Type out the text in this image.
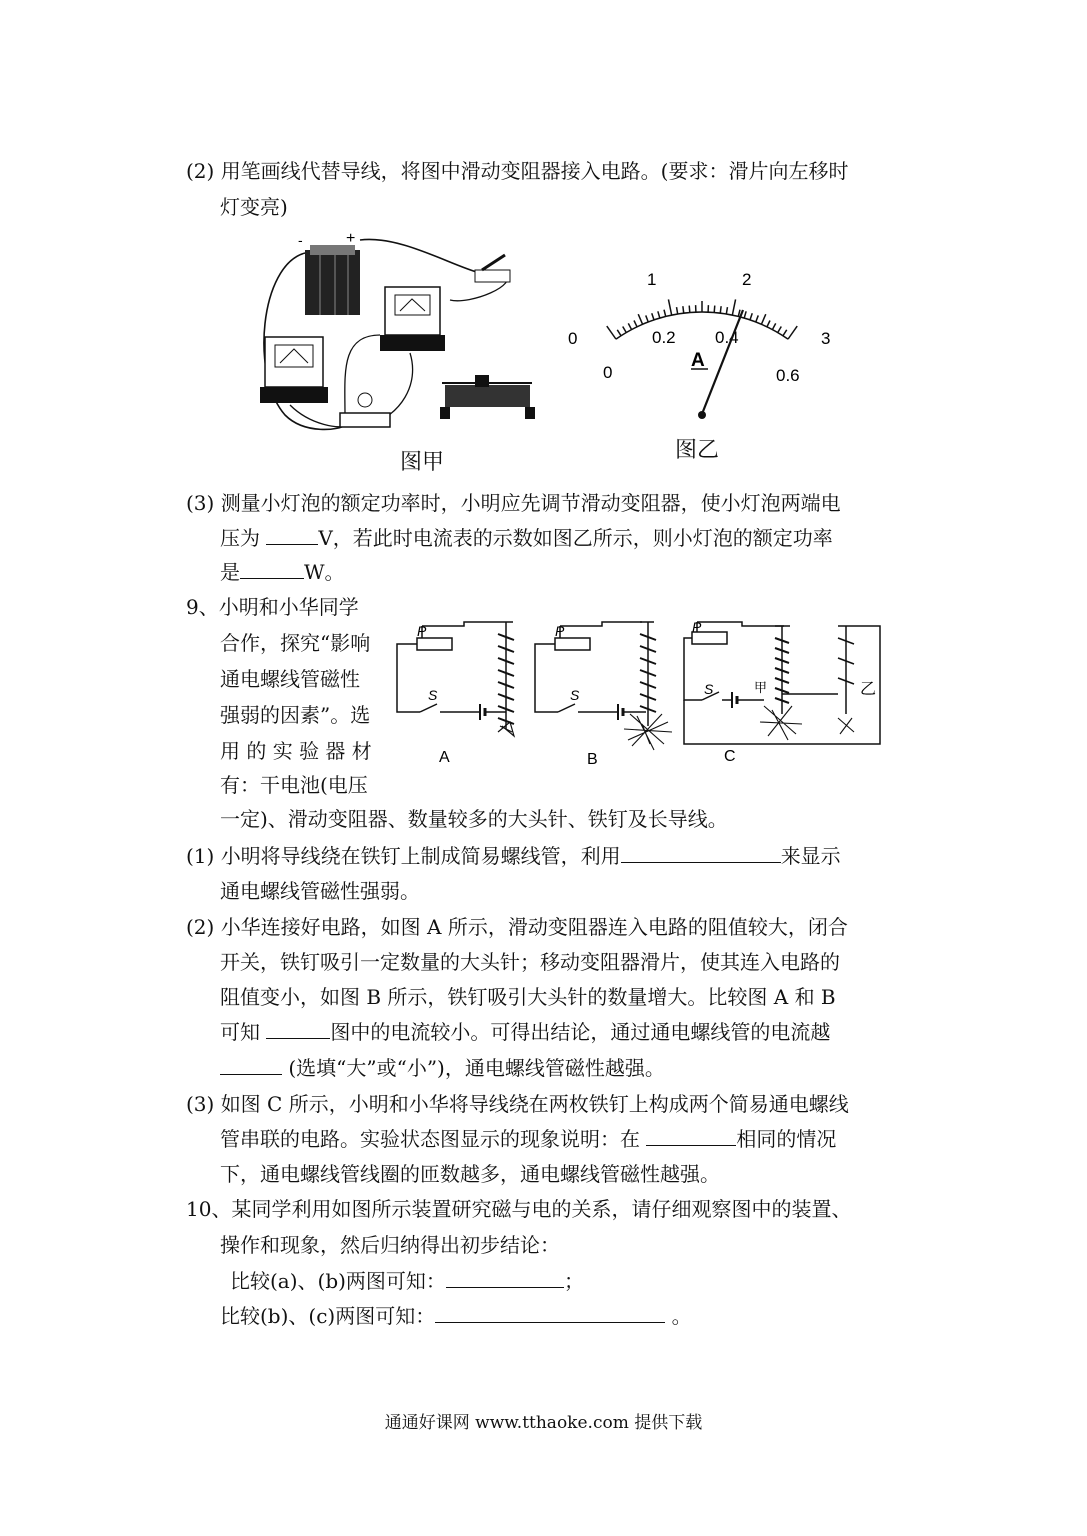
(2) 用笔画线代替导线，将图中滑动变阻器接入电路。(要求：滑片向左移时
灯变亮)
-	+
图甲
0
1	2
3
0
0.2 0.4
0.6
A
图乙
(3) 测量小灯泡的额定功率时，小明应先调节滑动变阻器，使小灯泡两端电
压为	V，若此时电流表的示数如图乙所示，则小灯泡的额定功率
是	W。
9、小明和小华同学
合作，探究“影响
通电螺线管磁性
强弱的因素”。选
用 的 实 验 器 材
有：干电池(电压
一定)、滑动变阻器、数量较多的大头针、铁钉及长导线。
P
S
A
P
S
B
P
S	甲	乙
C
(1) 小明将导线绕在铁钉上制成简易螺线管，利用	来显示
通电螺线管磁性强弱。
(2) 小华连接好电路，如图 A 所示，滑动变阻器连入电路的阻值较大，闭合
开关，铁钉吸引一定数量的大头针；移动变阻器滑片，使其连入电路的
阻值变小，如图 B 所示，铁钉吸引大头针的数量增大。比较图 A 和 B
可知	图中的电流较小。可得出结论，通过通电螺线管的电流越
(选填“大”或“小”)，通电螺线管磁性越强。
(3) 如图 C 所示，小明和小华将导线绕在两枚铁钉上构成两个简易通电螺线
管串联的电路。实验状态图显示的现象说明：在	相同的情况
下，通电螺线管线圈的匝数越多，通电螺线管磁性越强。
10、某同学利用如图所示装置研究磁与电的关系，请仔细观察图中的装置、
操作和现象，然后归纳得出初步结论：
比较(a)、(b)两图可知：	；
比较(b)、(c)两图可知：	。
通通好课网 www.tthaoke.com 提供下载
